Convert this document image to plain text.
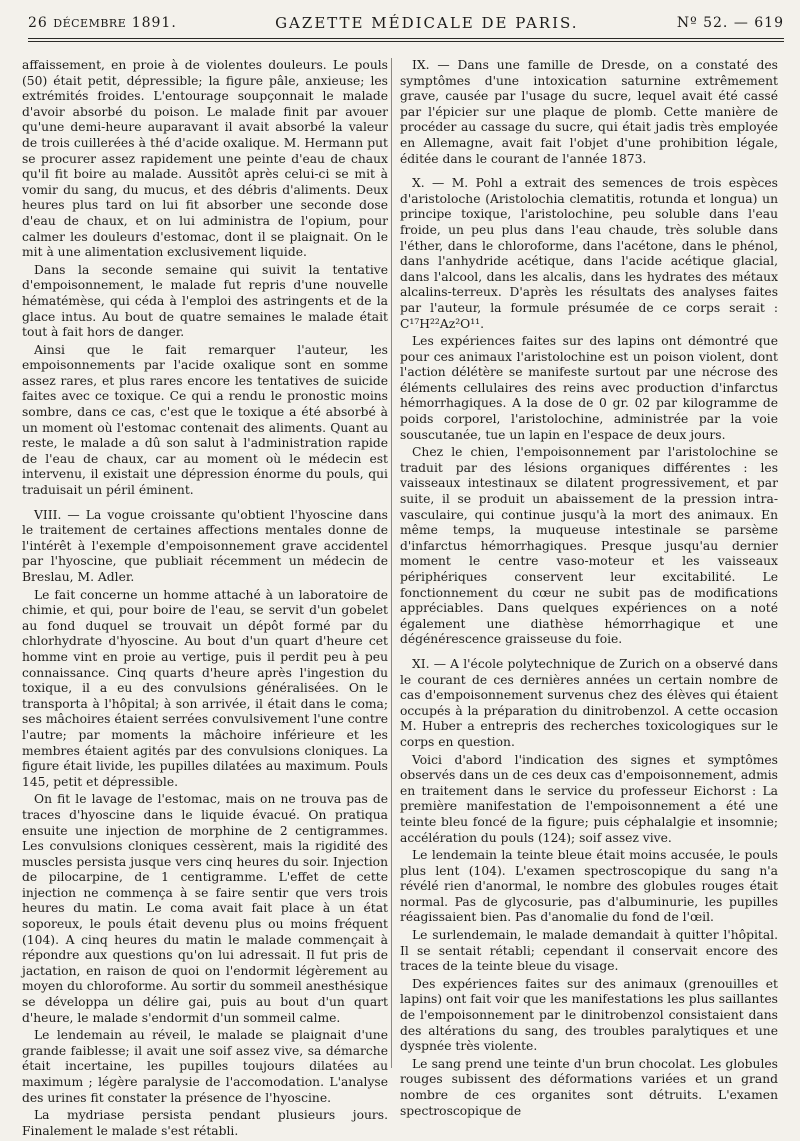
26 DÉCEMBRE 1891.	GAZETTE MÉDICALE DE PARIS.	Nº 52. — 619

affaissement, en proie à de violentes douleurs. Le pouls (50) était petit, dépressible; la figure pâle, anxieuse; les extrémités froides. L'entourage soupçonnait le malade d'avoir absorbé du poison. Le malade finit par avouer qu'une demi-heure auparavant il avait absorbé la valeur de trois cuillerées à thé d'acide oxalique. M. Hermann put se procurer assez rapidement une peinte d'eau de chaux qu'il fit boire au malade. Aussitôt après celui-ci se mit à vomir du sang, du mucus, et des débris d'aliments. Deux heures plus tard on lui fit absorber une seconde dose d'eau de chaux, et on lui administra de l'opium, pour calmer les douleurs d'estomac, dont il se plaignait. On le mit à une alimentation exclusivement liquide.

Dans la seconde semaine qui suivit la tentative d'empoisonnement, le malade fut repris d'une nouvelle hématémèse, qui céda à l'emploi des astringents et de la glace intus. Au bout de quatre semaines le malade était tout à fait hors de danger.

Ainsi que le fait remarquer l'auteur, les empoisonnements par l'acide oxalique sont en somme assez rares, et plus rares encore les tentatives de suicide faites avec ce toxique. Ce qui a rendu le pronostic moins sombre, dans ce cas, c'est que le toxique a été absorbé à un moment où l'estomac contenait des aliments. Quant au reste, le malade a dû son salut à l'administration rapide de l'eau de chaux, car au moment où le médecin est intervenu, il existait une dépression énorme du pouls, qui traduisait un péril éminent.

VIII. — La vogue croissante qu'obtient l'hyoscine dans le traitement de certaines affections mentales donne de l'intérêt à l'exemple d'empoisonnement grave accidentel par l'hyoscine, que publiait récemment un médecin de Breslau, M. Adler.

Le fait concerne un homme attaché à un laboratoire de chimie, et qui, pour boire de l'eau, se servit d'un gobelet au fond duquel se trouvait un dépôt formé par du chlorhydrate d'hyoscine. Au bout d'un quart d'heure cet homme vint en proie au vertige, puis il perdit peu à peu connaissance. Cinq quarts d'heure après l'ingestion du toxique, il a eu des convulsions généralisées. On le transporta à l'hôpital; à son arrivée, il était dans le coma; ses mâchoires étaient serrées convulsivement l'une contre l'autre; par moments la mâchoire inférieure et les membres étaient agités par des convulsions cloniques. La figure était livide, les pupilles dilatées au maximum. Pouls 145, petit et dépressible.

On fit le lavage de l'estomac, mais on ne trouva pas de traces d'hyoscine dans le liquide évacué. On pratiqua ensuite une injection de morphine de 2 centigrammes. Les convulsions cloniques cessèrent, mais la rigidité des muscles persista jusque vers cinq heures du soir. Injection de pilocarpine, de 1 centigramme. L'effet de cette injection ne commença à se faire sentir que vers trois heures du matin. Le coma avait fait place à un état soporeux, le pouls était devenu plus ou moins fréquent (104). A cinq heures du matin le malade commençait à répondre aux questions qu'on lui adressait. Il fut pris de jactation, en raison de quoi on l'endormit légèrement au moyen du chloroforme. Au sortir du sommeil anesthésique se développa un délire gai, puis au bout d'un quart d'heure, le malade s'endormit d'un sommeil calme.

Le lendemain au réveil, le malade se plaignait d'une grande faiblesse; il avait une soif assez vive, sa démarche était incertaine, les pupilles toujours dilatées au maximum ; légère paralysie de l'accomodation. L'analyse des urines fit constater la présence de l'hyoscine.

La mydriase persista pendant plusieurs jours. Finalement le malade s'est rétabli.

IX. — Dans une famille de Dresde, on a constaté des symptômes d'une intoxication saturnine extrêmement grave, causée par l'usage du sucre, lequel avait été cassé par l'épicier sur une plaque de plomb. Cette manière de procéder au cassage du sucre, qui était jadis très employée en Allemagne, avait fait l'objet d'une prohibition légale, éditée dans le courant de l'année 1873.

X. — M. Pohl a extrait des semences de trois espèces d'aristoloche (Aristolochia clematitis, rotunda et longua) un principe toxique, l'aristolochine, peu soluble dans l'eau froide, un peu plus dans l'eau chaude, très soluble dans l'éther, dans le chloroforme, dans l'acétone, dans le phénol, dans l'anhydride acétique, dans l'acide acétique glacial, dans l'alcool, dans les alcalis, dans les hydrates des métaux alcalins-terreux. D'après les résultats des analyses faites par l'auteur, la formule présumée de ce corps serait : C¹⁷H²²Az²O¹¹.

Les expériences faites sur des lapins ont démontré que pour ces animaux l'aristolochine est un poison violent, dont l'action délétère se manifeste surtout par une nécrose des éléments cellulaires des reins avec production d'infarctus hémorrhagiques. A la dose de 0 gr. 02 par kilogramme de poids corporel, l'aristolochine, administrée par la voie souscutanée, tue un lapin en l'espace de deux jours.

Chez le chien, l'empoisonnement par l'aristolochine se traduit par des lésions organiques différentes : les vaisseaux intestinaux se dilatent progressivement, et par suite, il se produit un abaissement de la pression intra-vasculaire, qui continue jusqu'à la mort des animaux. En même temps, la muqueuse intestinale se parsème d'infarctus hémorrhagiques. Presque jusqu'au dernier moment le centre vaso-moteur et les vaisseaux périphériques conservent leur excitabilité. Le fonctionnement du cœur ne subit pas de modifications appréciables. Dans quelques expériences on a noté également une diathèse hémorrhagique et une dégénérescence graisseuse du foie.

XI. — A l'école polytechnique de Zurich on a observé dans le courant de ces dernières années un certain nombre de cas d'empoisonnement survenus chez des élèves qui étaient occupés à la préparation du dinitrobenzol. A cette occasion M. Huber a entrepris des recherches toxicologiques sur le corps en question.

Voici d'abord l'indication des signes et symptômes observés dans un de ces deux cas d'empoisonnement, admis en traitement dans le service du professeur Eichorst : La première manifestation de l'empoisonnement a été une teinte bleu foncé de la figure; puis céphalalgie et insomnie; accélération du pouls (124); soif assez vive.

Le lendemain la teinte bleue était moins accusée, le pouls plus lent (104). L'examen spectroscopique du sang n'a révélé rien d'anormal, le nombre des globules rouges était normal. Pas de glycosurie, pas d'albuminurie, les pupilles réagissaient bien. Pas d'anomalie du fond de l'œil.

Le surlendemain, le malade demandait à quitter l'hôpital. Il se sentait rétabli; cependant il conservait encore des traces de la teinte bleue du visage.

Des expériences faites sur des animaux (grenouilles et lapins) ont fait voir que les manifestations les plus saillantes de l'empoisonnement par le dinitrobenzol consistaient dans des altérations du sang, des troubles paralytiques et une dyspnée très violente.

Le sang prend une teinte d'un brun chocolat. Les globules rouges subissent des déformations variées et un grand nombre de ces organites sont détruits. L'examen spectroscopique de
